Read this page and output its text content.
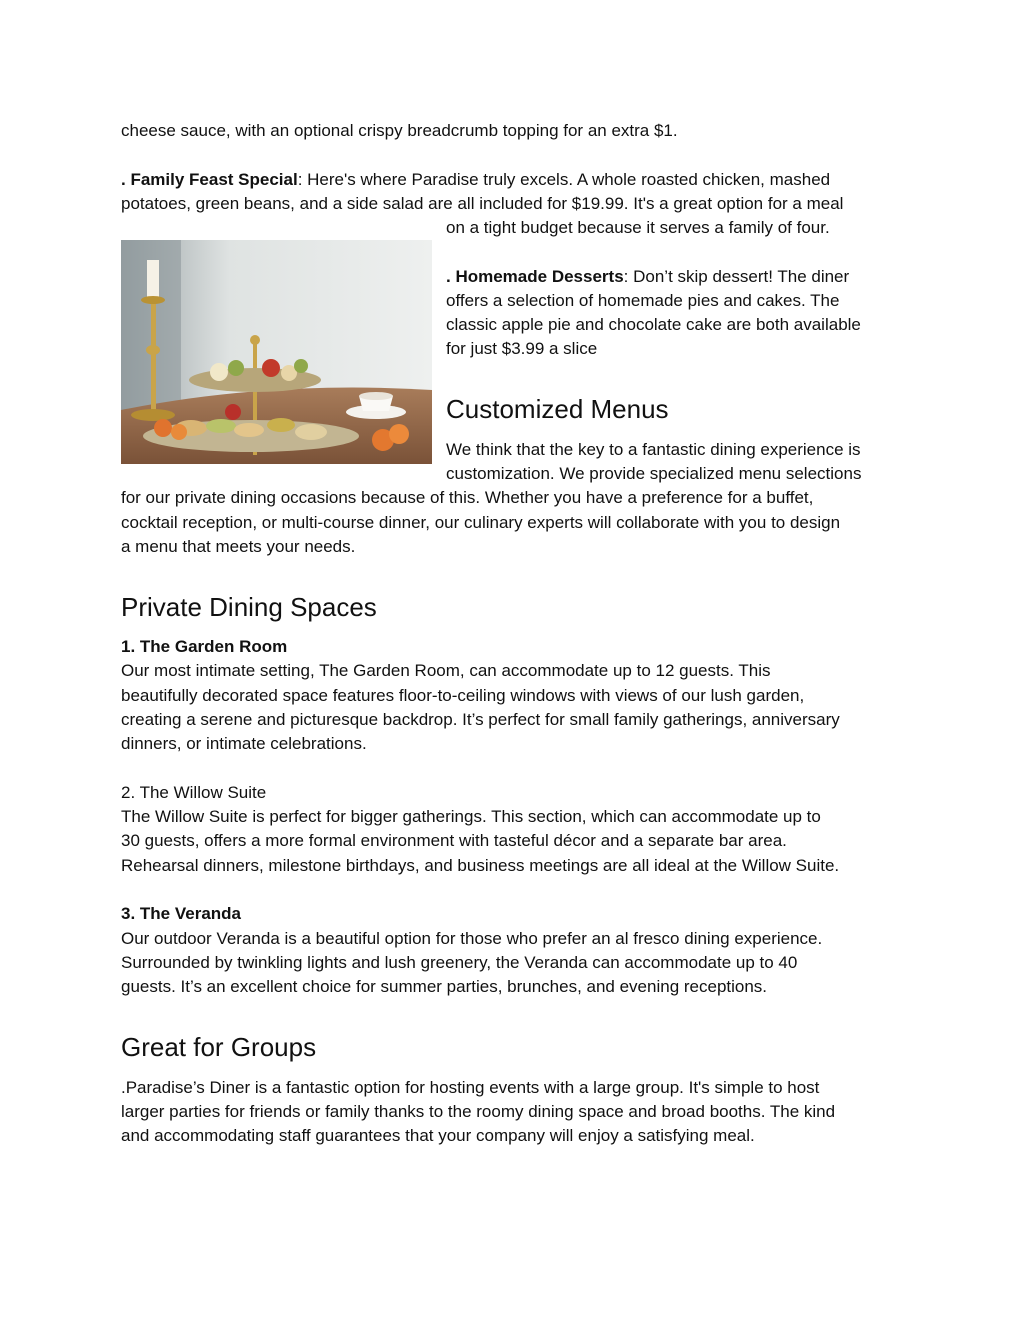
cheese sauce, with an optional crispy breadcrumb topping for an extra $1.
. Family Feast Special: Here's where Paradise truly excels. A whole roasted chicken, mashed
potatoes, green beans, and a side salad are all included for $19.99. It's a great option for a meal
on a tight budget because it serves a family of four.
. Homemade Desserts: Don’t skip dessert! The diner
offers a selection of homemade pies and cakes. The
classic apple pie and chocolate cake are both available
for just $3.99 a slice
Customized Menus
We think that the key to a fantastic dining experience is
customization. We provide specialized menu selections
for our private dining occasions because of this. Whether you have a preference for a buffet,
cocktail reception, or multi-course dinner, our culinary experts will collaborate with you to design
a menu that meets your needs.
Private Dining Spaces
1. The Garden Room
Our most intimate setting, The Garden Room, can accommodate up to 12 guests. This
beautifully decorated space features floor-to-ceiling windows with views of our lush garden,
creating a serene and picturesque backdrop. It’s perfect for small family gatherings, anniversary
dinners, or intimate celebrations.
2. The Willow Suite
The Willow Suite is perfect for bigger gatherings. This section, which can accommodate up to
30 guests, offers a more formal environment with tasteful décor and a separate bar area.
Rehearsal dinners, milestone birthdays, and business meetings are all ideal at the Willow Suite.
3. The Veranda
Our outdoor Veranda is a beautiful option for those who prefer an al fresco dining experience.
Surrounded by twinkling lights and lush greenery, the Veranda can accommodate up to 40
guests. It’s an excellent choice for summer parties, brunches, and evening receptions.
Great for Groups
.Paradise’s Diner is a fantastic option for hosting events with a large group. It's simple to host
larger parties for friends or family thanks to the roomy dining space and broad booths. The kind
and accommodating staff guarantees that your company will enjoy a satisfying meal.
